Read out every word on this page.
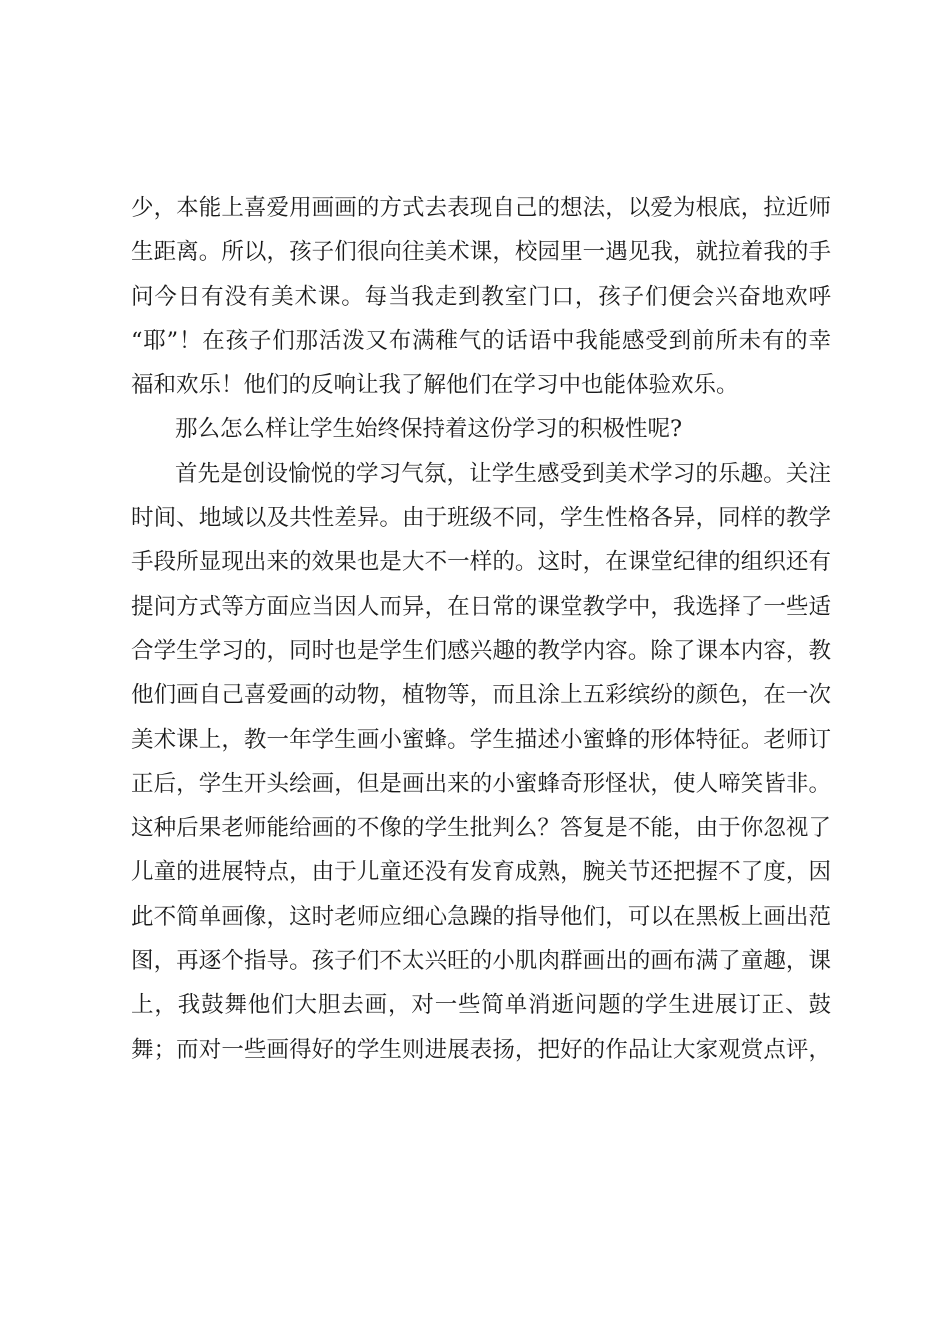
少，本能上喜爱用画画的方式去表现自己的想法，以爱为根底，拉近师
生距离。所以，孩子们很向往美术课，校园里一遇见我，就拉着我的手
问今日有没有美术课。每当我走到教室门口，孩子们便会兴奋地欢呼
“耶”！在孩子们那活泼又布满稚气的话语中我能感受到前所未有的幸
福和欢乐！他们的反响让我了解他们在学习中也能体验欢乐。
那么怎么样让学生始终保持着这份学习的积极性呢?
首先是创设愉悦的学习气氛，让学生感受到美术学习的乐趣。关注
时间、地域以及共性差异。由于班级不同，学生性格各异，同样的教学
手段所显现出来的效果也是大不一样的。这时，在课堂纪律的组织还有
提问方式等方面应当因人而异，在日常的课堂教学中，我选择了一些适
合学生学习的，同时也是学生们感兴趣的教学内容。除了课本内容，教
他们画自己喜爱画的动物，植物等，而且涂上五彩缤纷的颜色，在一次
美术课上，教一年学生画小蜜蜂。学生描述小蜜蜂的形体特征。老师订
正后，学生开头绘画，但是画出来的小蜜蜂奇形怪状，使人啼笑皆非。
这种后果老师能给画的不像的学生批判么？答复是不能，由于你忽视了
儿童的进展特点，由于儿童还没有发育成熟，腕关节还把握不了度，因
此不简单画像，这时老师应细心急躁的指导他们，可以在黑板上画出范
图，再逐个指导。孩子们不太兴旺的小肌肉群画出的画布满了童趣，课
上，我鼓舞他们大胆去画，对一些简单消逝问题的学生进展订正、鼓
舞；而对一些画得好的学生则进展表扬，把好的作品让大家观赏点评，
